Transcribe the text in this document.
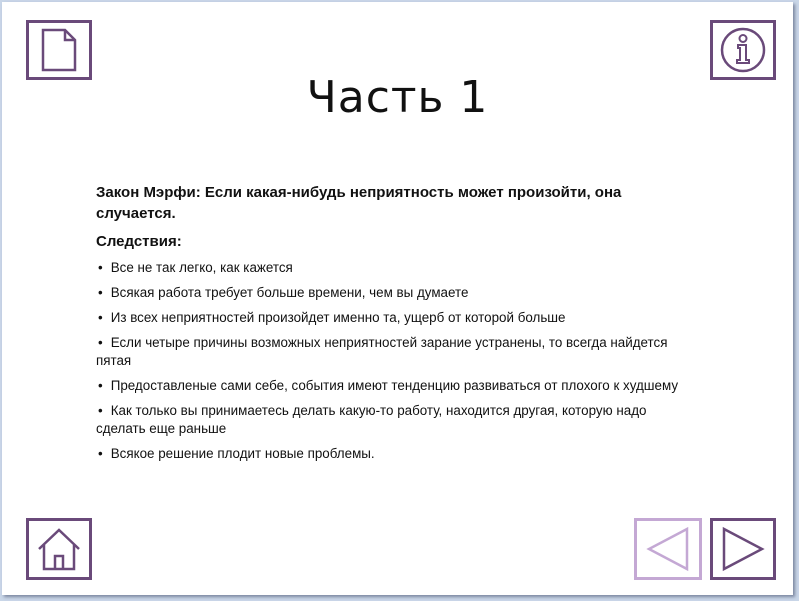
Часть 1

Закон Мэрфи: Если какая-нибудь неприятность может произойти, она случается.

Следствия:

• Все не так легко, как кажется
• Всякая работа требует больше времени, чем вы думаете
• Из всех неприятностей произойдет именно та, ущерб от которой больше
• Если четыре причины возможных неприятностей зарание устранены, то всегда найдется пятая
• Предоставленые сами себе, события имеют тенденцию развиваться от плохого к худшему
• Как только вы принимаетесь делать какую-то работу, находится другая, которую надо сделать еще раньше
• Всякое решение плодит новые проблемы.
